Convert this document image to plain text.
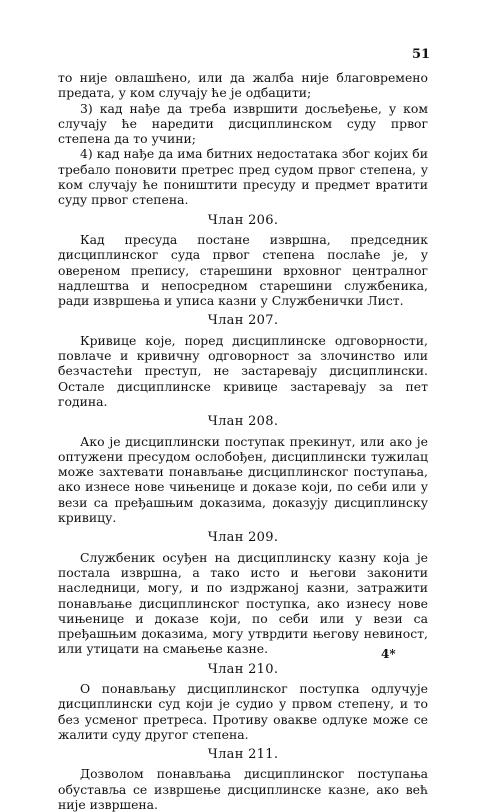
51

то није овлашћено, или да жалба није благовремено предата, у ком случају ће је одбацити;

3) кад нађе да треба извршити досљеђење, у ком случају ће наредити дисциплинском суду првог степена да то учини;

4) кад нађе да има битних недостатака због којих би требало поновити претрес пред судом првог степена, у ком случају ће поништити пресуду и предмет вратити суду првог степена.

Члан 206.

Кад пресуда постане извршна, председник дисциплинског суда првог степена послаће је, у овереном препису, старешини врховног централног надлештва и непосредном старешини службеника, ради извршења и уписа казни у Службенички Лист.

Члан 207.

Кривице које, поред дисциплинске одговорности, повлаче и кривичну одговорност за злочинство или безчастећи преступ, не застаревају дисциплински. Остале дисциплинске кривице застаревају за пет година.

Члан 208.

Ако је дисциплински поступак прекинут, или ако је оптужени пресудом ослобођен, дисциплински тужилац може захтевати понављање дисциплинског поступања, ако изнесе нове чињенице и доказе који, по себи или у вези са пређашњим доказима, доказују дисциплинску кривицу.

Члан 209.

Службеник осуђен на дисциплинску казну која је постала извршна, а тако исто и његови законити наследници, могу, и по издржаној казни, затражити понављање дисциплинског поступка, ако изнесу нове чињенице и доказе који, по себи или у вези са пређашњим доказима, могу утврдити његову невиност, или утицати на смањење казне.

Члан 210.

О понављању дисциплинског поступка одлучује дисциплински суд који је судио у првом степену, и то без усменог претреса. Противу овакве одлуке може се жалити суду другог степена.

Члан 211.

Дозволом понављања дисциплинског поступања обуставља се извршење дисциплинске казне, ако већ није извршена.

4*
